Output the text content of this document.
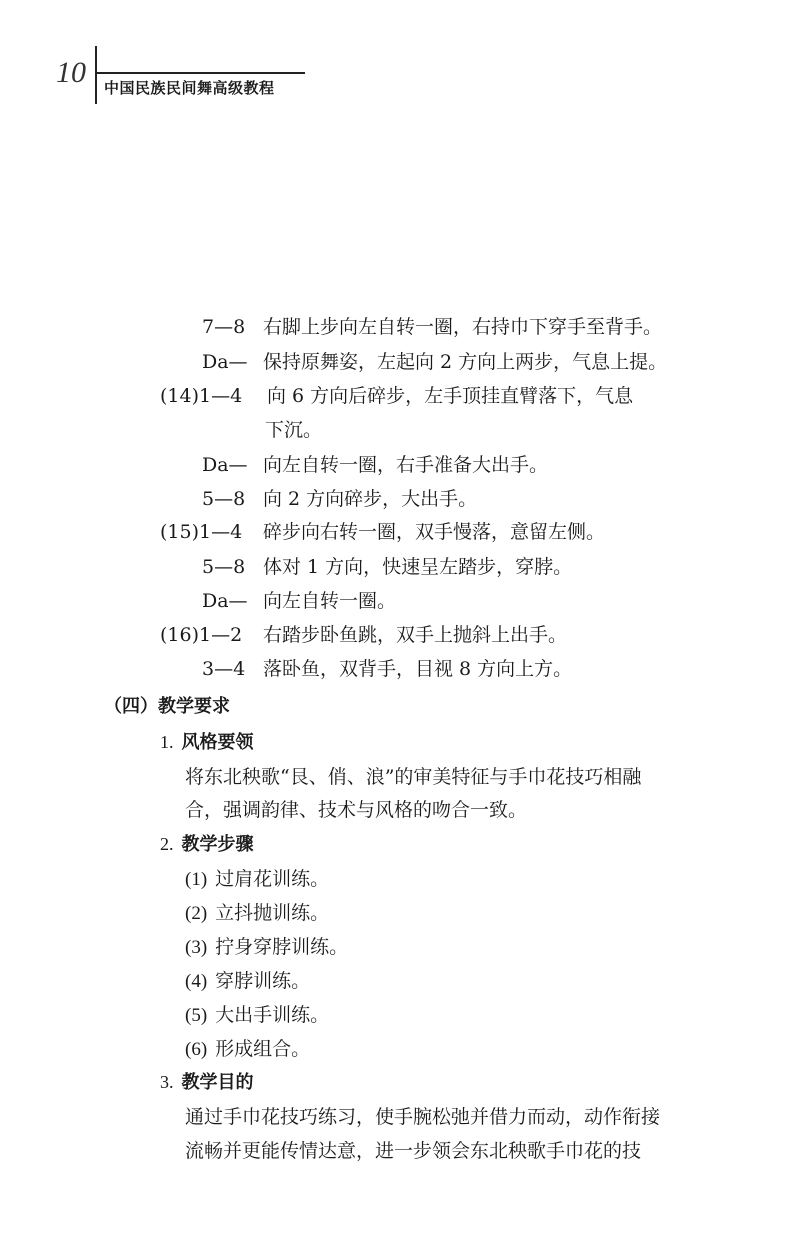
10 中国民族民间舞高级教程
7—8 右脚上步向左自转一圈，右持巾下穿手至背手。
Da— 保持原舞姿，左起向 2 方向上两步，气息上提。
(14)1—4 向 6 方向后碎步，左手顶挂直臂落下，气息
下沉。
Da— 向左自转一圈，右手准备大出手。
5—8 向 2 方向碎步，大出手。
(15)1—4 碎步向右转一圈，双手慢落，意留左侧。
5—8 体对 1 方向，快速呈左踏步，穿脖。
Da— 向左自转一圈。
(16)1—2 右踏步卧鱼跳，双手上抛斜上出手。
3—4 落卧鱼，双背手，目视 8 方向上方。
（四）教学要求
1. 风格要领
将东北秧歌“艮、俏、浪”的审美特征与手巾花技巧相融
合，强调韵律、技术与风格的吻合一致。
2. 教学步骤
(1) 过肩花训练。
(2) 立抖抛训练。
(3) 拧身穿脖训练。
(4) 穿脖训练。
(5) 大出手训练。
(6) 形成组合。
3. 教学目的
通过手巾花技巧练习，使手腕松弛并借力而动，动作衔接
流畅并更能传情达意，进一步领会东北秧歌手巾花的技
